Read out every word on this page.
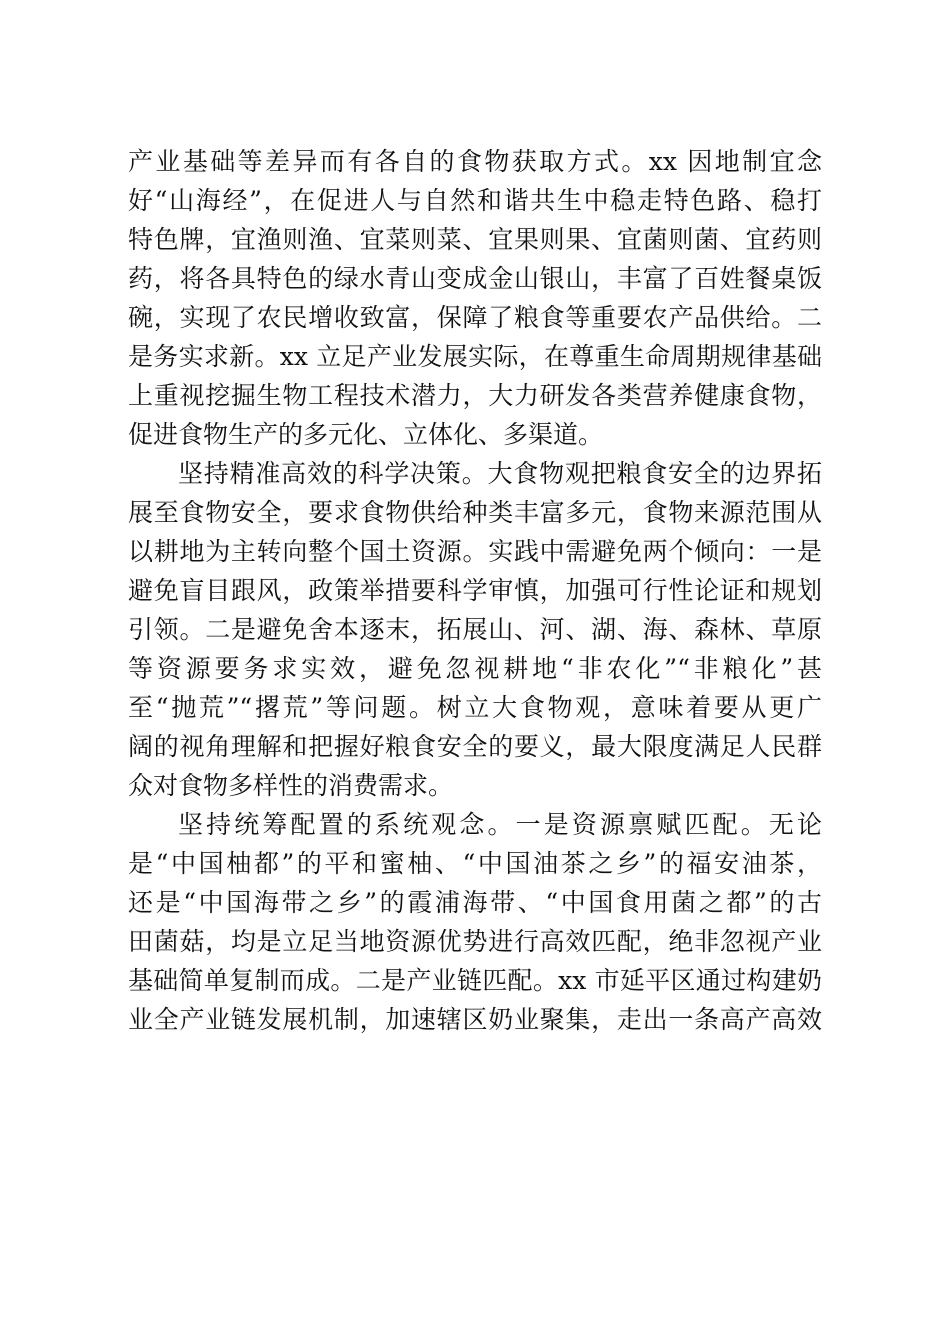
产业基础等差异而有各自的食物获取方式。xx 因地制宜念
好“山海经”，在促进人与自然和谐共生中稳走特色路、稳打
特色牌，宜渔则渔、宜菜则菜、宜果则果、宜菌则菌、宜药则
药，将各具特色的绿水青山变成金山银山，丰富了百姓餐桌饭
碗，实现了农民增收致富，保障了粮食等重要农产品供给。二
是务实求新。xx 立足产业发展实际，在尊重生命周期规律基础
上重视挖掘生物工程技术潜力，大力研发各类营养健康食物，
促进食物生产的多元化、立体化、多渠道。
坚持精准高效的科学决策。大食物观把粮食安全的边界拓
展至食物安全，要求食物供给种类丰富多元，食物来源范围从
以耕地为主转向整个国土资源。实践中需避免两个倾向：一是
避免盲目跟风，政策举措要科学审慎，加强可行性论证和规划
引领。二是避免舍本逐末，拓展山、河、湖、海、森林、草原
等资源要务求实效，避免忽视耕地“非农化”“非粮化”甚
至“抛荒”“撂荒”等问题。树立大食物观，意味着要从更广
阔的视角理解和把握好粮食安全的要义，最大限度满足人民群
众对食物多样性的消费需求。
坚持统筹配置的系统观念。一是资源禀赋匹配。无论
是“中国柚都”的平和蜜柚、“中国油茶之乡”的福安油茶，
还是“中国海带之乡”的霞浦海带、“中国食用菌之都”的古
田菌菇，均是立足当地资源优势进行高效匹配，绝非忽视产业
基础简单复制而成。二是产业链匹配。xx 市延平区通过构建奶
业全产业链发展机制，加速辖区奶业聚集，走出一条高产高效
